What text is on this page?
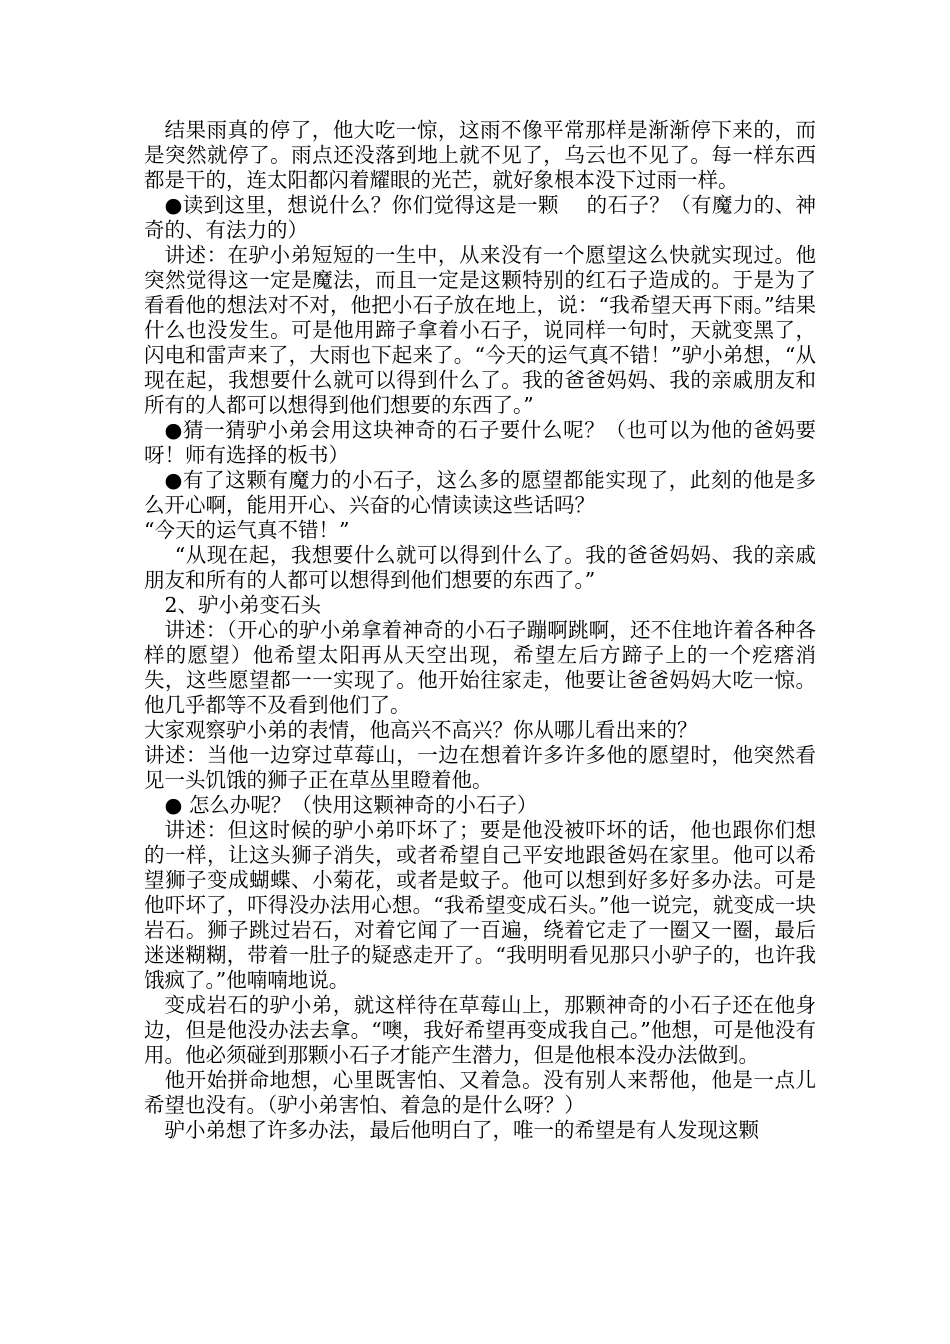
结果雨真的停了，他大吃一惊，这雨不像平常那样是渐渐停下来的，而是突然就停了。雨点还没落到地上就不见了，乌云也不见了。每一样东西都是干的，连太阳都闪着耀眼的光芒，就好象根本没下过雨一样。

●读到这里，想说什么？你们觉得这是一颗　 的石子？（有魔力的、神奇的、有法力的）

讲述：在驴小弟短短的一生中，从来没有一个愿望这么快就实现过。他突然觉得这一定是魔法，而且一定是这颗特别的红石子造成的。于是为了看看他的想法对不对，他把小石子放在地上，说：“我希望天再下雨。”结果什么也没发生。可是他用蹄子拿着小石子，说同样一句时，天就变黑了，闪电和雷声来了，大雨也下起来了。“今天的运气真不错！”驴小弟想，“从现在起，我想要什么就可以得到什么了。我的爸爸妈妈、我的亲戚朋友和所有的人都可以想得到他们想要的东西了。”

●猜一猜驴小弟会用这块神奇的石子要什么呢？（也可以为他的爸妈要呀！师有选择的板书）

●有了这颗有魔力的小石子，这么多的愿望都能实现了，此刻的他是多么开心啊，能用开心、兴奋的心情读读这些话吗？

“今天的运气真不错！”

“从现在起，我想要什么就可以得到什么了。我的爸爸妈妈、我的亲戚朋友和所有的人都可以想得到他们想要的东西了。”

2、驴小弟变石头

讲述：（开心的驴小弟拿着神奇的小石子蹦啊跳啊，还不住地许着各种各样的愿望）他希望太阳再从天空出现，希望左后方蹄子上的一个疙瘩消失，这些愿望都一一实现了。他开始往家走，他要让爸爸妈妈大吃一惊。他几乎都等不及看到他们了。

大家观察驴小弟的表情，他高兴不高兴？你从哪儿看出来的？

讲述：当他一边穿过草莓山，一边在想着许多许多他的愿望时，他突然看见一头饥饿的狮子正在草丛里瞪着他。

● 怎么办呢？（快用这颗神奇的小石子）

讲述：但这时候的驴小弟吓坏了；要是他没被吓坏的话，他也跟你们想的一样，让这头狮子消失，或者希望自己平安地跟爸妈在家里。他可以希望狮子变成蝴蝶、小菊花，或者是蚊子。他可以想到好多好多办法。可是他吓坏了，吓得没办法用心想。“我希望变成石头。”他一说完，就变成一块岩石。狮子跳过岩石，对着它闻了一百遍，绕着它走了一圈又一圈，最后迷迷糊糊，带着一肚子的疑惑走开了。“我明明看见那只小驴子的，也许我饿疯了。”他喃喃地说。

变成岩石的驴小弟，就这样待在草莓山上，那颗神奇的小石子还在他身边，但是他没办法去拿。“噢，我好希望再变成我自己。”他想，可是他没有用。他必须碰到那颗小石子才能产生潜力，但是他根本没办法做到。

他开始拼命地想，心里既害怕、又着急。没有别人来帮他，他是一点儿希望也没有。（驴小弟害怕、着急的是什么呀？）

驴小弟想了许多办法，最后他明白了，唯一的希望是有人发现这颗
